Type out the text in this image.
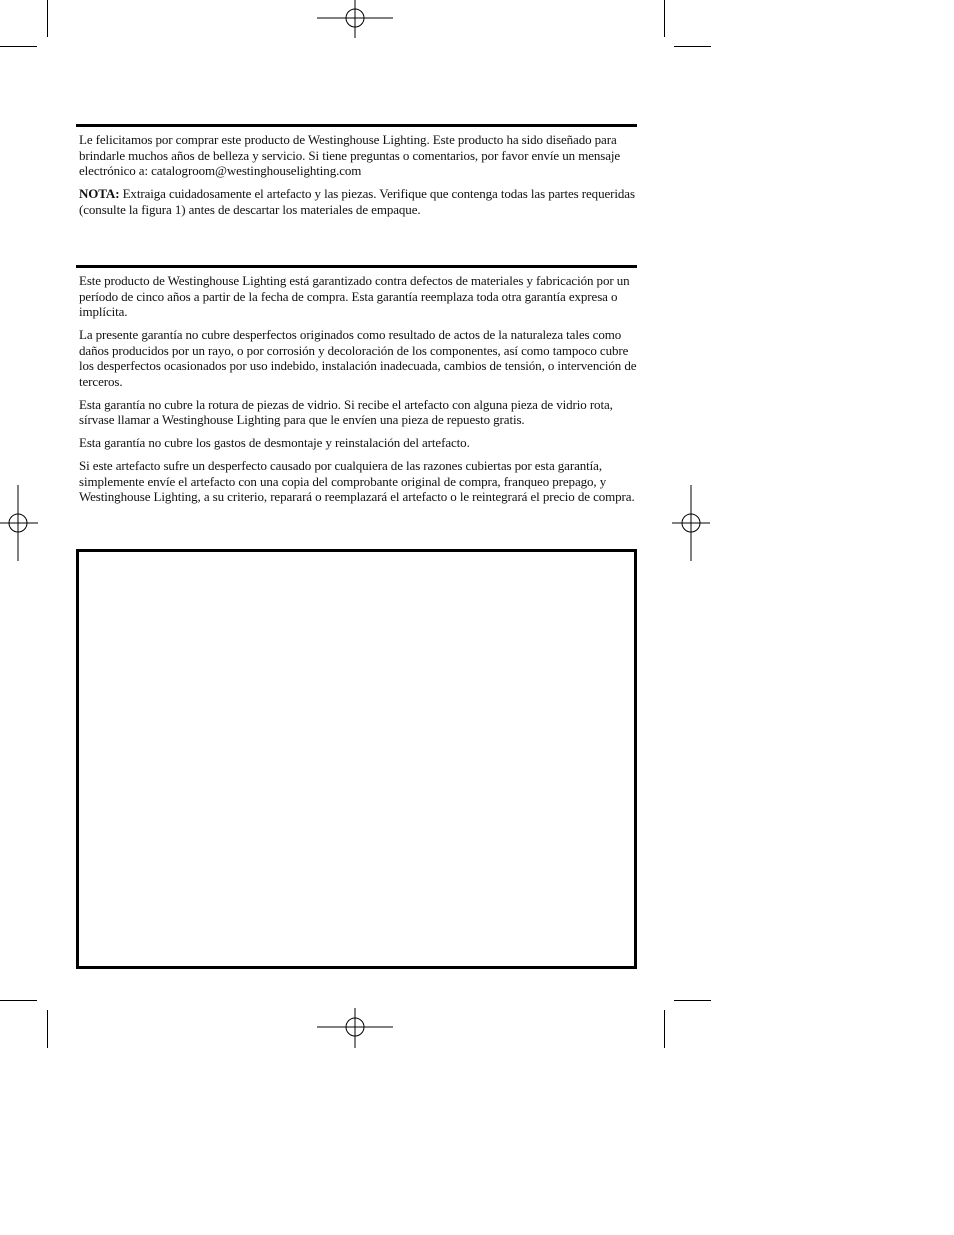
Le felicitamos por comprar este producto de Westinghouse Lighting. Este producto ha sido diseñado para brindarle muchos años de belleza y servicio. Si tiene preguntas o comentarios, por favor envíe un mensaje electrónico a: catalogroom@westinghouselighting.com

NOTA: Extraiga cuidadosamente el artefacto y las piezas. Verifique que contenga todas las partes requeridas (consulte la figura 1) antes de descartar los materiales de empaque.

Este producto de Westinghouse Lighting está garantizado contra defectos de materiales y fabricación por un período de cinco años a partir de la fecha de compra. Esta garantía reemplaza toda otra garantía expresa o implícita.

La presente garantía no cubre desperfectos originados como resultado de actos de la naturaleza tales como daños producidos por un rayo, o por corrosión y decoloración de los componentes, así como tampoco cubre los desperfectos ocasionados por uso indebido, instalación inadecuada, cambios de tensión, o intervención de terceros.

Esta garantía no cubre la rotura de piezas de vidrio. Si recibe el artefacto con alguna pieza de vidrio rota, sírvase llamar a Westinghouse Lighting para que le envíen una pieza de repuesto gratis.

Esta garantía no cubre los gastos de desmontaje y reinstalación del artefacto.

Si este artefacto sufre un desperfecto causado por cualquiera de las razones cubiertas por esta garantía, simplemente envíe el artefacto con una copia del comprobante original de compra, franqueo prepago, y Westinghouse Lighting, a su criterio, reparará o reemplazará el artefacto o le reintegrará el precio de compra.
